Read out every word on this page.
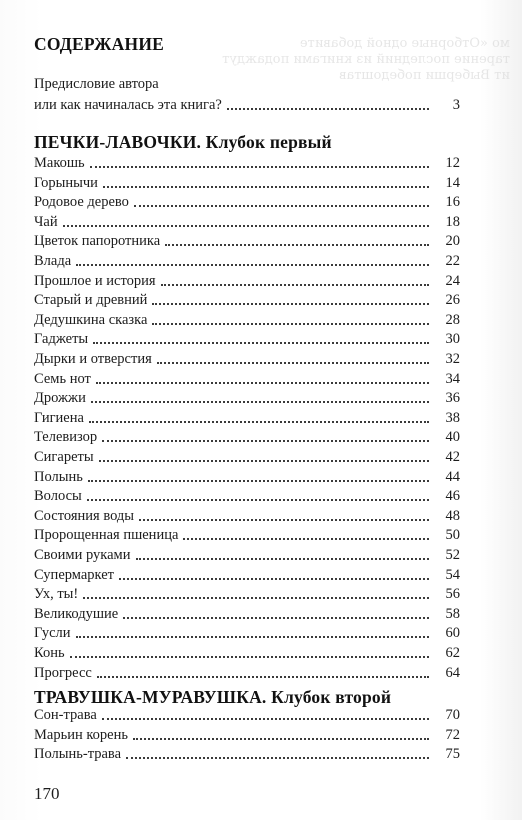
мо «Отборные одной добавите
тарение последний из книгами подаждут
ит Выберши победоштав
СОДЕРЖАНИЕ
Предисловие автора
или как начиналась эта книга?	3
ПЕЧКИ-ЛАВОЧКИ. Клубок первый
Макошь	12
Горынычи	14
Родовое дерево	16
Чай	18
Цветок папоротника	20
Влада	22
Прошлое и история	24
Старый и древний	26
Дедушкина сказка	28
Гаджеты	30
Дырки и отверстия	32
Семь нот	34
Дрожжи	36
Гигиена	38
Телевизор	40
Сигареты	42
Полынь	44
Волосы	46
Состояния воды	48
Пророщенная пшеница	50
Своими руками	52
Супермаркет	54
Ух, ты!	56
Великодушие	58
Гусли	60
Конь	62
Прогресс	64
ТРАВУШКА-МУРАВУШКА. Клубок второй
Сон-трава	70
Марьин корень	72
Полынь-трава	75
170
